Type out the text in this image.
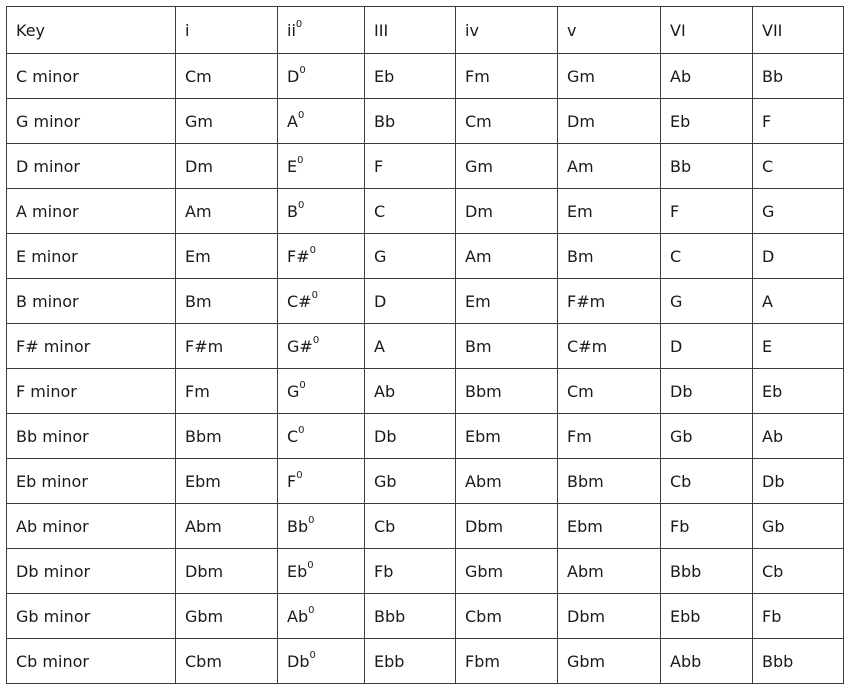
Key	i	$ii^0$	III	iv	v	VI	VII
C minor	Cm	$D^0$	Eb	Fm	Gm	Ab	Bb
G minor	Gm	$A^0$	Bb	Cm	Dm	Eb	F
D minor	Dm	$E^0$	F	Gm	Am	Bb	C
A minor	Am	$B^0$	C	Dm	Em	F	G
E minor	Em	F#$^0$	G	Am	Bm	C	D
B minor	Bm	C#$^0$	D	Em	F#m	G	A
F# minor	F#m	G#$^0$	A	Bm	C#m	D	E
F minor	Fm	$G^0$	Ab	Bbm	Cm	Db	Eb
Bb minor	Bbm	$C^0$	Db	Ebm	Fm	Gb	Ab
Eb minor	Ebm	$F^0$	Gb	Abm	Bbm	Cb	Db
Ab minor	Abm	Bb$^0$	Cb	Dbm	Ebm	Fb	Gb
Db minor	Dbm	Eb$^0$	Fb	Gbm	Abm	Bbb	Cb
Gb minor	Gbm	Ab$^0$	Bbb	Cbm	Dbm	Ebb	Fb
Cb minor	Cbm	Db$^0$	Ebb	Fbm	Gbm	Abb	Bbb
